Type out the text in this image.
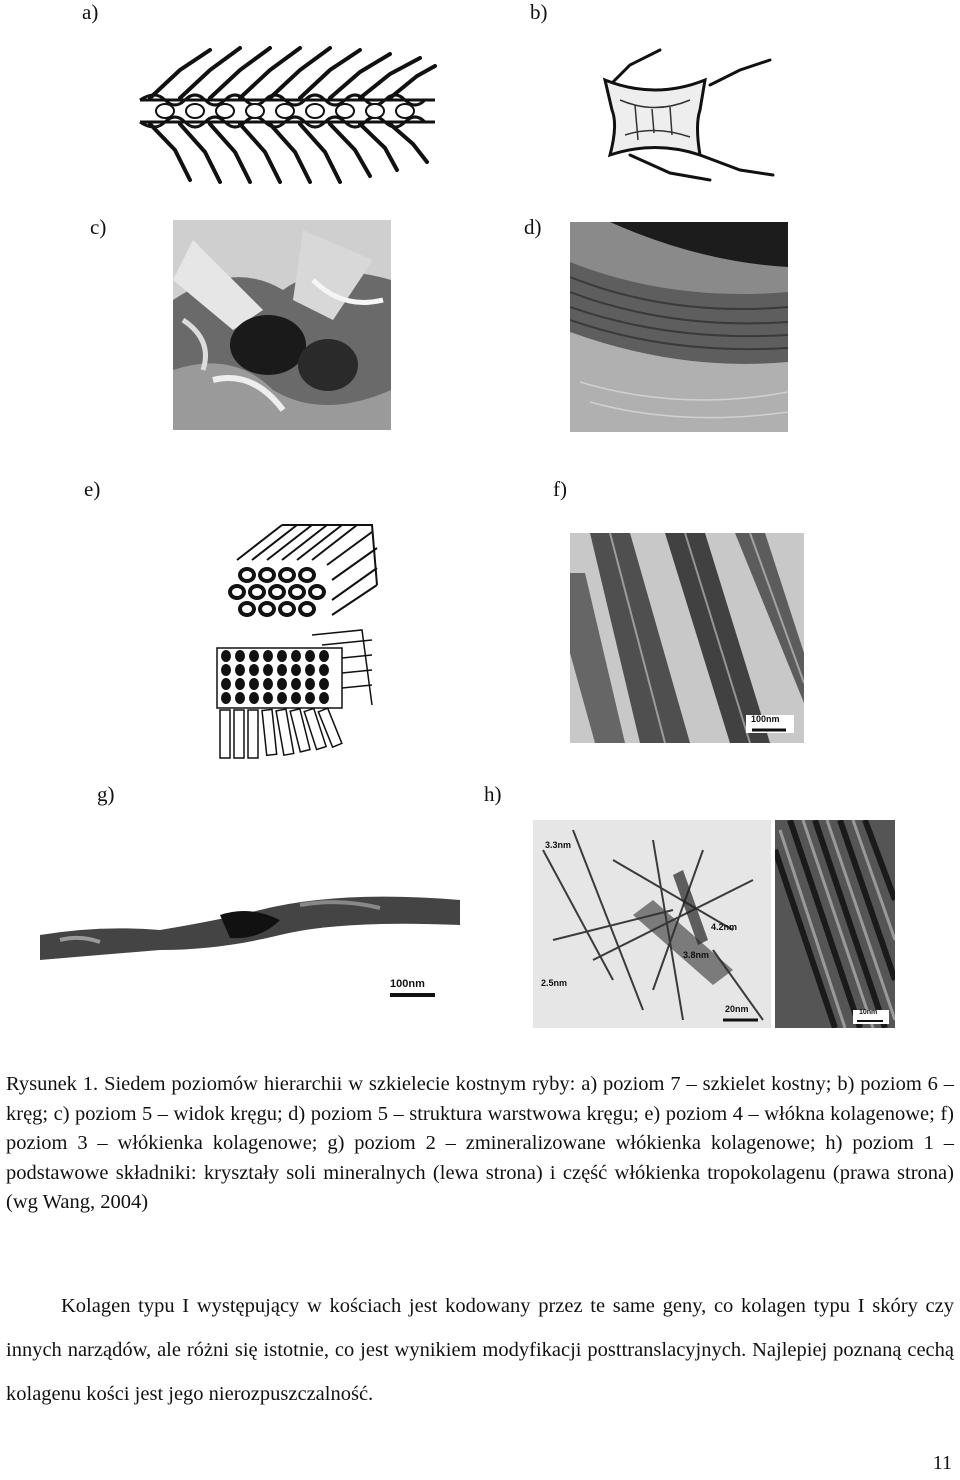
a)	b)
c)	d)
e)	f)
g)	h)
100nm
100nm
3.3nm
4.2nm
3.8nm
2.5nm
20nm	10nm

Rysunek 1. Siedem poziomów hierarchii w szkielecie kostnym ryby: a) poziom 7 – szkielet kostny; b) poziom 6 – kręg; c) poziom 5 – widok kręgu; d) poziom 5 – struktura warstwowa kręgu; e) poziom 4 – włókna kolagenowe; f) poziom 3 – włókienka kolagenowe; g) poziom 2 – zmineralizowane włókienka kolagenowe; h) poziom 1 – podstawowe składniki: kryształy soli mineralnych (lewa strona) i część włókienka tropokolagenu (prawa strona) (wg Wang, 2004)

Kolagen typu I występujący w kościach jest kodowany przez te same geny, co kolagen typu I skóry czy innych narządów, ale różni się istotnie, co jest wynikiem modyfikacji posttranslacyjnych. Najlepiej poznaną cechą kolagenu kości jest jego nierozpuszczalność.

11
